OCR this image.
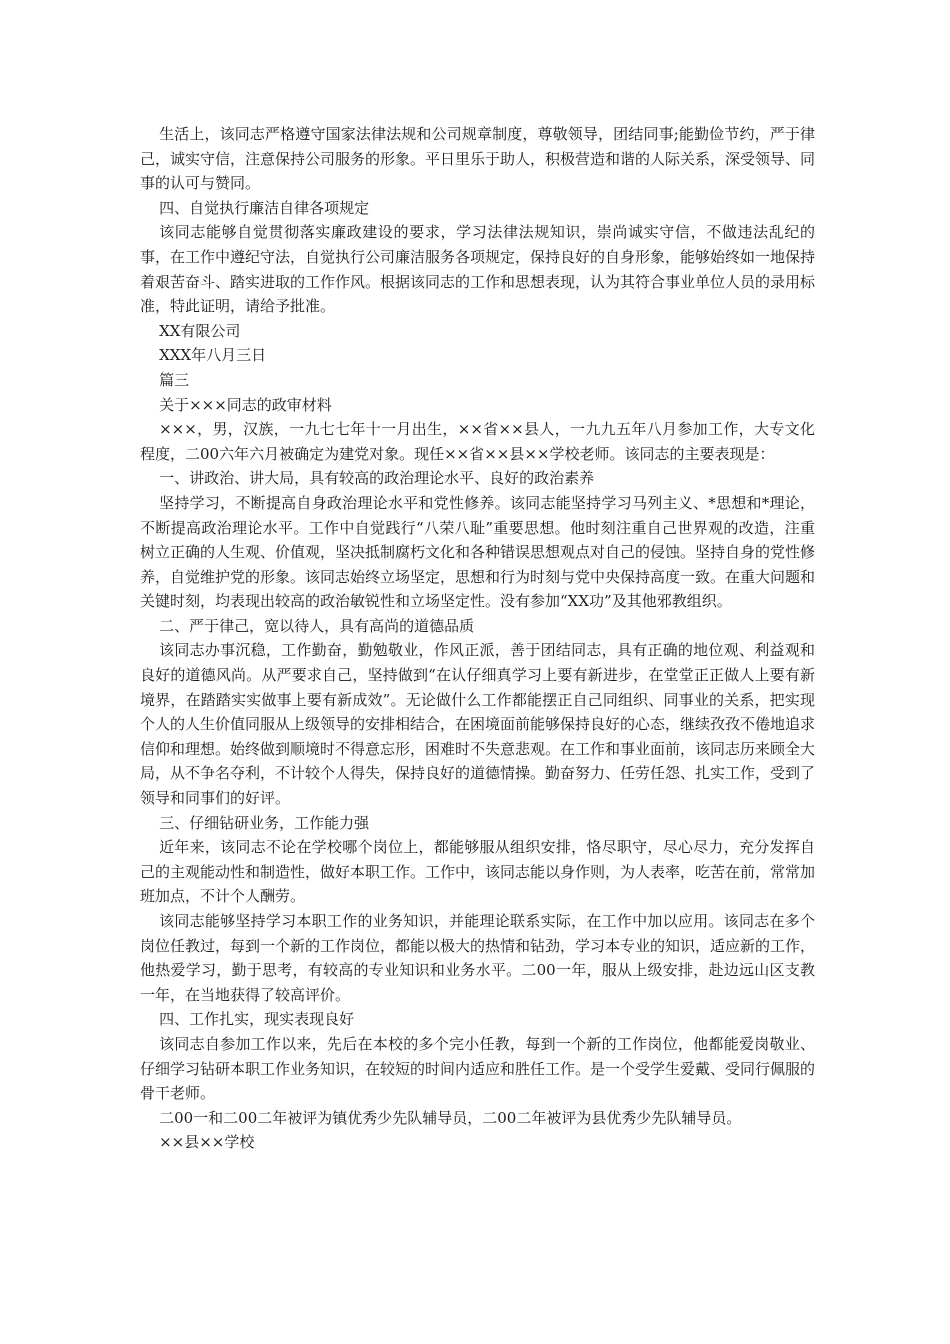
生活上，该同志严格遵守国家法律法规和公司规章制度，尊敬领导，团结同事;能勤俭节约，严于律己，诚实守信，注意保持公司服务的形象。平日里乐于助人，积极营造和谐的人际关系，深受领导、同事的认可与赞同。

四、自觉执行廉洁自律各项规定

该同志能够自觉贯彻落实廉政建设的要求，学习法律法规知识，崇尚诚实守信，不做违法乱纪的事，在工作中遵纪守法，自觉执行公司廉洁服务各项规定，保持良好的自身形象，能够始终如一地保持着艰苦奋斗、踏实进取的工作作风。根据该同志的工作和思想表现，认为其符合事业单位人员的录用标准，特此证明，请给予批准。

XX有限公司

XXX年八月三日

篇三

关于×××同志的政审材料

×××，男，汉族，一九七七年十一月出生，××省××县人，一九九五年八月参加工作，大专文化程度，二00六年六月被确定为建党对象。现任××省××县××学校老师。该同志的主要表现是：

一、讲政治、讲大局，具有较高的政治理论水平、良好的政治素养

坚持学习，不断提高自身政治理论水平和党性修养。该同志能坚持学习马列主义、*思想和*理论，不断提高政治理论水平。工作中自觉践行“八荣八耻”重要思想。他时刻注重自己世界观的改造，注重树立正确的人生观、价值观，坚决抵制腐朽文化和各种错误思想观点对自己的侵蚀。坚持自身的党性修养，自觉维护党的形象。该同志始终立场坚定，思想和行为时刻与党中央保持高度一致。在重大问题和关键时刻，均表现出较高的政治敏锐性和立场坚定性。没有参加“XX功”及其他邪教组织。

二、严于律己，宽以待人，具有高尚的道德品质

该同志办事沉稳，工作勤奋，勤勉敬业，作风正派，善于团结同志，具有正确的地位观、利益观和良好的道德风尚。从严要求自己，坚持做到“在认仔细真学习上要有新进步，在堂堂正正做人上要有新境界，在踏踏实实做事上要有新成效”。无论做什么工作都能摆正自己同组织、同事业的关系，把实现个人的人生价值同服从上级领导的安排相结合，在困境面前能够保持良好的心态，继续孜孜不倦地追求信仰和理想。始终做到顺境时不得意忘形，困难时不失意悲观。在工作和事业面前，该同志历来顾全大局，从不争名夺利，不计较个人得失，保持良好的道德情操。勤奋努力、任劳任怨、扎实工作，受到了领导和同事们的好评。

三、仔细钻研业务，工作能力强

近年来，该同志不论在学校哪个岗位上，都能够服从组织安排，恪尽职守，尽心尽力，充分发挥自己的主观能动性和制造性，做好本职工作。工作中，该同志能以身作则，为人表率，吃苦在前，常常加班加点，不计个人酬劳。

该同志能够坚持学习本职工作的业务知识，并能理论联系实际，在工作中加以应用。该同志在多个岗位任教过，每到一个新的工作岗位，都能以极大的热情和钻劲，学习本专业的知识，适应新的工作，他热爱学习，勤于思考，有较高的专业知识和业务水平。二00一年，服从上级安排，赴边远山区支教一年，在当地获得了较高评价。

四、工作扎实，现实表现良好

该同志自参加工作以来，先后在本校的多个完小任教，每到一个新的工作岗位，他都能爱岗敬业、仔细学习钻研本职工作业务知识，在较短的时间内适应和胜任工作。是一个受学生爱戴、受同行佩服的骨干老师。

二00一和二00二年被评为镇优秀少先队辅导员，二00二年被评为县优秀少先队辅导员。

××县××学校
